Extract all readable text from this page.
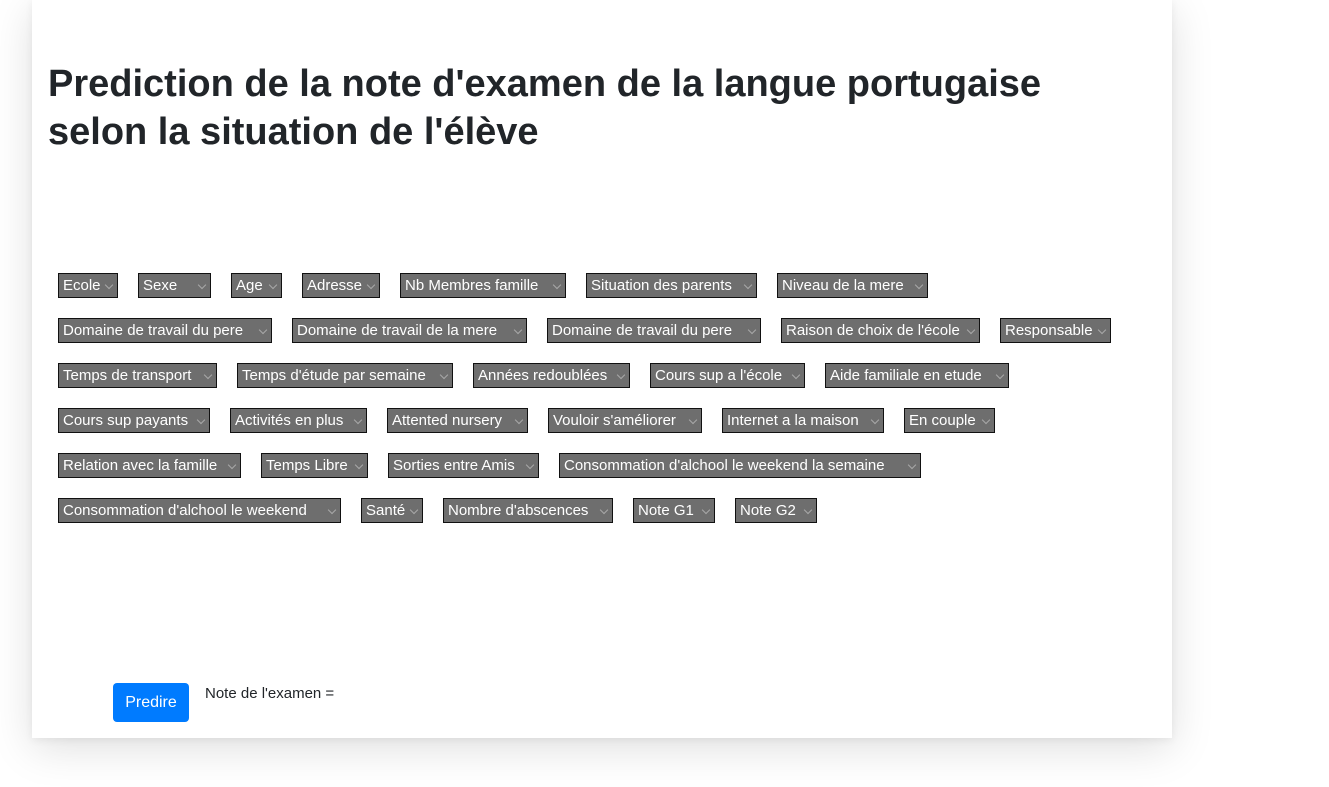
Prediction de la note d'examen de la langue portugaise selon la situation de l'élève
Ecole	Sexe	Age	Adresse	Nb Membres famille	Situation des parents	Niveau de la mere
Domaine de travail du pere	Domaine de travail de la mere	Domaine de travail du pere	Raison de choix de l'école	Responsable
Temps de transport	Temps d'étude par semaine	Années redoublées	Cours sup a l'école	Aide familiale en etude
Cours sup payants	Activités en plus	Attented nursery	Vouloir s'améliorer	Internet a la maison	En couple
Relation avec la famille	Temps Libre	Sorties entre Amis	Consommation d'alchool le weekend la semaine
Consommation d'alchool le weekend	Santé	Nombre d'abscences	Note G1	Note G2
Predire
Note de l'examen =
